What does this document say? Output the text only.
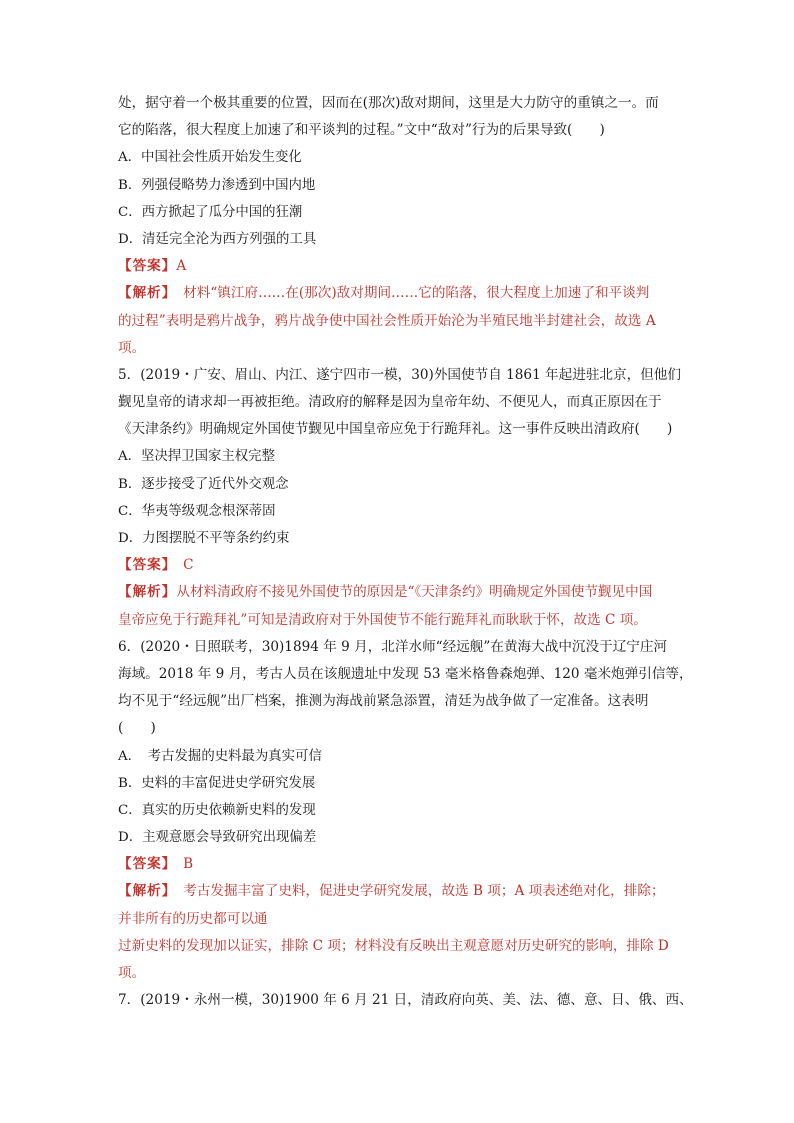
处，据守着一个极其重要的位置，因而在(那次)敌对期间，这里是大力防守的重镇之一。而
它的陷落，很大程度上加速了和平谈判的过程。”文中“敌对”行为的后果导致(　　)
A．中国社会性质开始发生变化
B．列强侵略势力渗透到中国内地
C．西方掀起了瓜分中国的狂潮
D．清廷完全沦为西方列强的工具
【答案】A
【解析】　材料“镇江府……在(那次)敌对期间……它的陷落，很大程度上加速了和平谈判
的过程”表明是鸦片战争，鸦片战争使中国社会性质开始沦为半殖民地半封建社会，故选 A
项。
5．(2019・广安、眉山、内江、遂宁四市一模，30)外国使节自 1861 年起进驻北京，但他们
觐见皇帝的请求却一再被拒绝。清政府的解释是因为皇帝年幼、不便见人，而真正原因在于
《天津条约》明确规定外国使节觐见中国皇帝应免于行跪拜礼。这一事件反映出清政府(　　)
A．坚决捍卫国家主权完整
B．逐步接受了近代外交观念
C．华夷等级观念根深蒂固
D．力图摆脱不平等条约约束
【答案】　C
【解析】从材料清政府不接见外国使节的原因是“《天津条约》明确规定外国使节觐见中国
皇帝应免于行跪拜礼”可知是清政府对于外国使节不能行跪拜礼而耿耿于怀，故选 C 项。
6．(2020・日照联考，30)1894 年 9 月，北洋水师“经远舰”在黄海大战中沉没于辽宁庄河
海域。2018 年 9 月，考古人员在该舰遗址中发现 53 毫米格鲁森炮弹、120 毫米炮弹引信等，
均不见于“经远舰”出厂档案，推测为海战前紧急添置，清廷为战争做了一定准备。这表明
(　　)
A．　考古发掘的史料最为真实可信
B．史料的丰富促进史学研究发展
C．真实的历史依赖新史料的发现
D．主观意愿会导致研究出现偏差
【答案】　B
【解析】　考古发掘丰富了史料，促进史学研究发展，故选 B 项；A 项表述绝对化，排除；
并非所有的历史都可以通
过新史料的发现加以证实，排除 C 项；材料没有反映出主观意愿对历史研究的影响，排除 D
项。
7．(2019・永州一模，30)1900 年 6 月 21 日，清政府向英、美、法、德、意、日、俄、西、
